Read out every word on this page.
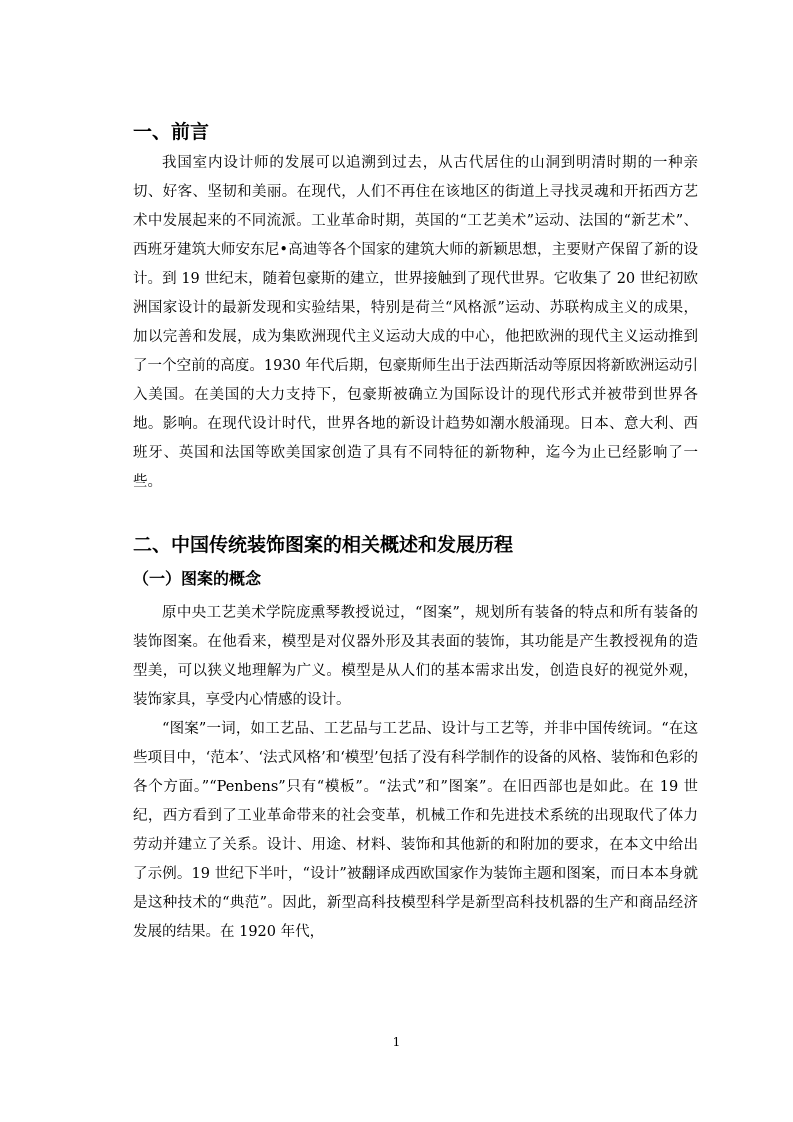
一、前言

我国室内设计师的发展可以追溯到过去，从古代居住的山洞到明清时期的一种亲切、好客、坚韧和美丽。在现代，人们不再住在该地区的街道上寻找灵魂和开拓西方艺术中发展起来的不同流派。工业革命时期，英国的“工艺美术”运动、法国的“新艺术”、西班牙建筑大师安东尼•高迪等各个国家的建筑大师的新颖思想，主要财产保留了新的设计。到 19 世纪末，随着包豪斯的建立，世界接触到了现代世界。它收集了 20 世纪初欧洲国家设计的最新发现和实验结果，特别是荷兰“风格派”运动、苏联构成主义的成果，加以完善和发展，成为集欧洲现代主义运动大成的中心，他把欧洲的现代主义运动推到了一个空前的高度。1930 年代后期，包豪斯师生出于法西斯活动等原因将新欧洲运动引入美国。在美国的大力支持下，包豪斯被确立为国际设计的现代形式并被带到世界各地。影响。在现代设计时代，世界各地的新设计趋势如潮水般涌现。日本、意大利、西班牙、英国和法国等欧美国家创造了具有不同特征的新物种，迄今为止已经影响了一些。

二、中国传统装饰图案的相关概述和发展历程
（一）图案的概念

原中央工艺美术学院庞熏琴教授说过，“图案”，规划所有装备的特点和所有装备的装饰图案。在他看来，模型是对仪器外形及其表面的装饰，其功能是产生教授视角的造型美，可以狭义地理解为广义。模型是从人们的基本需求出发，创造良好的视觉外观，装饰家具，享受内心情感的设计。

“图案”一词，如工艺品、工艺品与工艺品、设计与工艺等，并非中国传统词。“在这些项目中，‘范本’、‘法式风格’和‘模型’包括了没有科学制作的设备的风格、装饰和色彩的各个方面。”“Penbens”只有“模板”。“法式”和”图案”。在旧西部也是如此。在 19 世纪，西方看到了工业革命带来的社会变革，机械工作和先进技术系统的出现取代了体力劳动并建立了关系。设计、用途、材料、装饰和其他新的和附加的要求，在本文中给出了示例。19 世纪下半叶，“设计”被翻译成西欧国家作为装饰主题和图案，而日本本身就是这种技术的“典范”。因此，新型高科技模型科学是新型高科技机器的生产和商品经济发展的结果。在 1920 年代，

1
